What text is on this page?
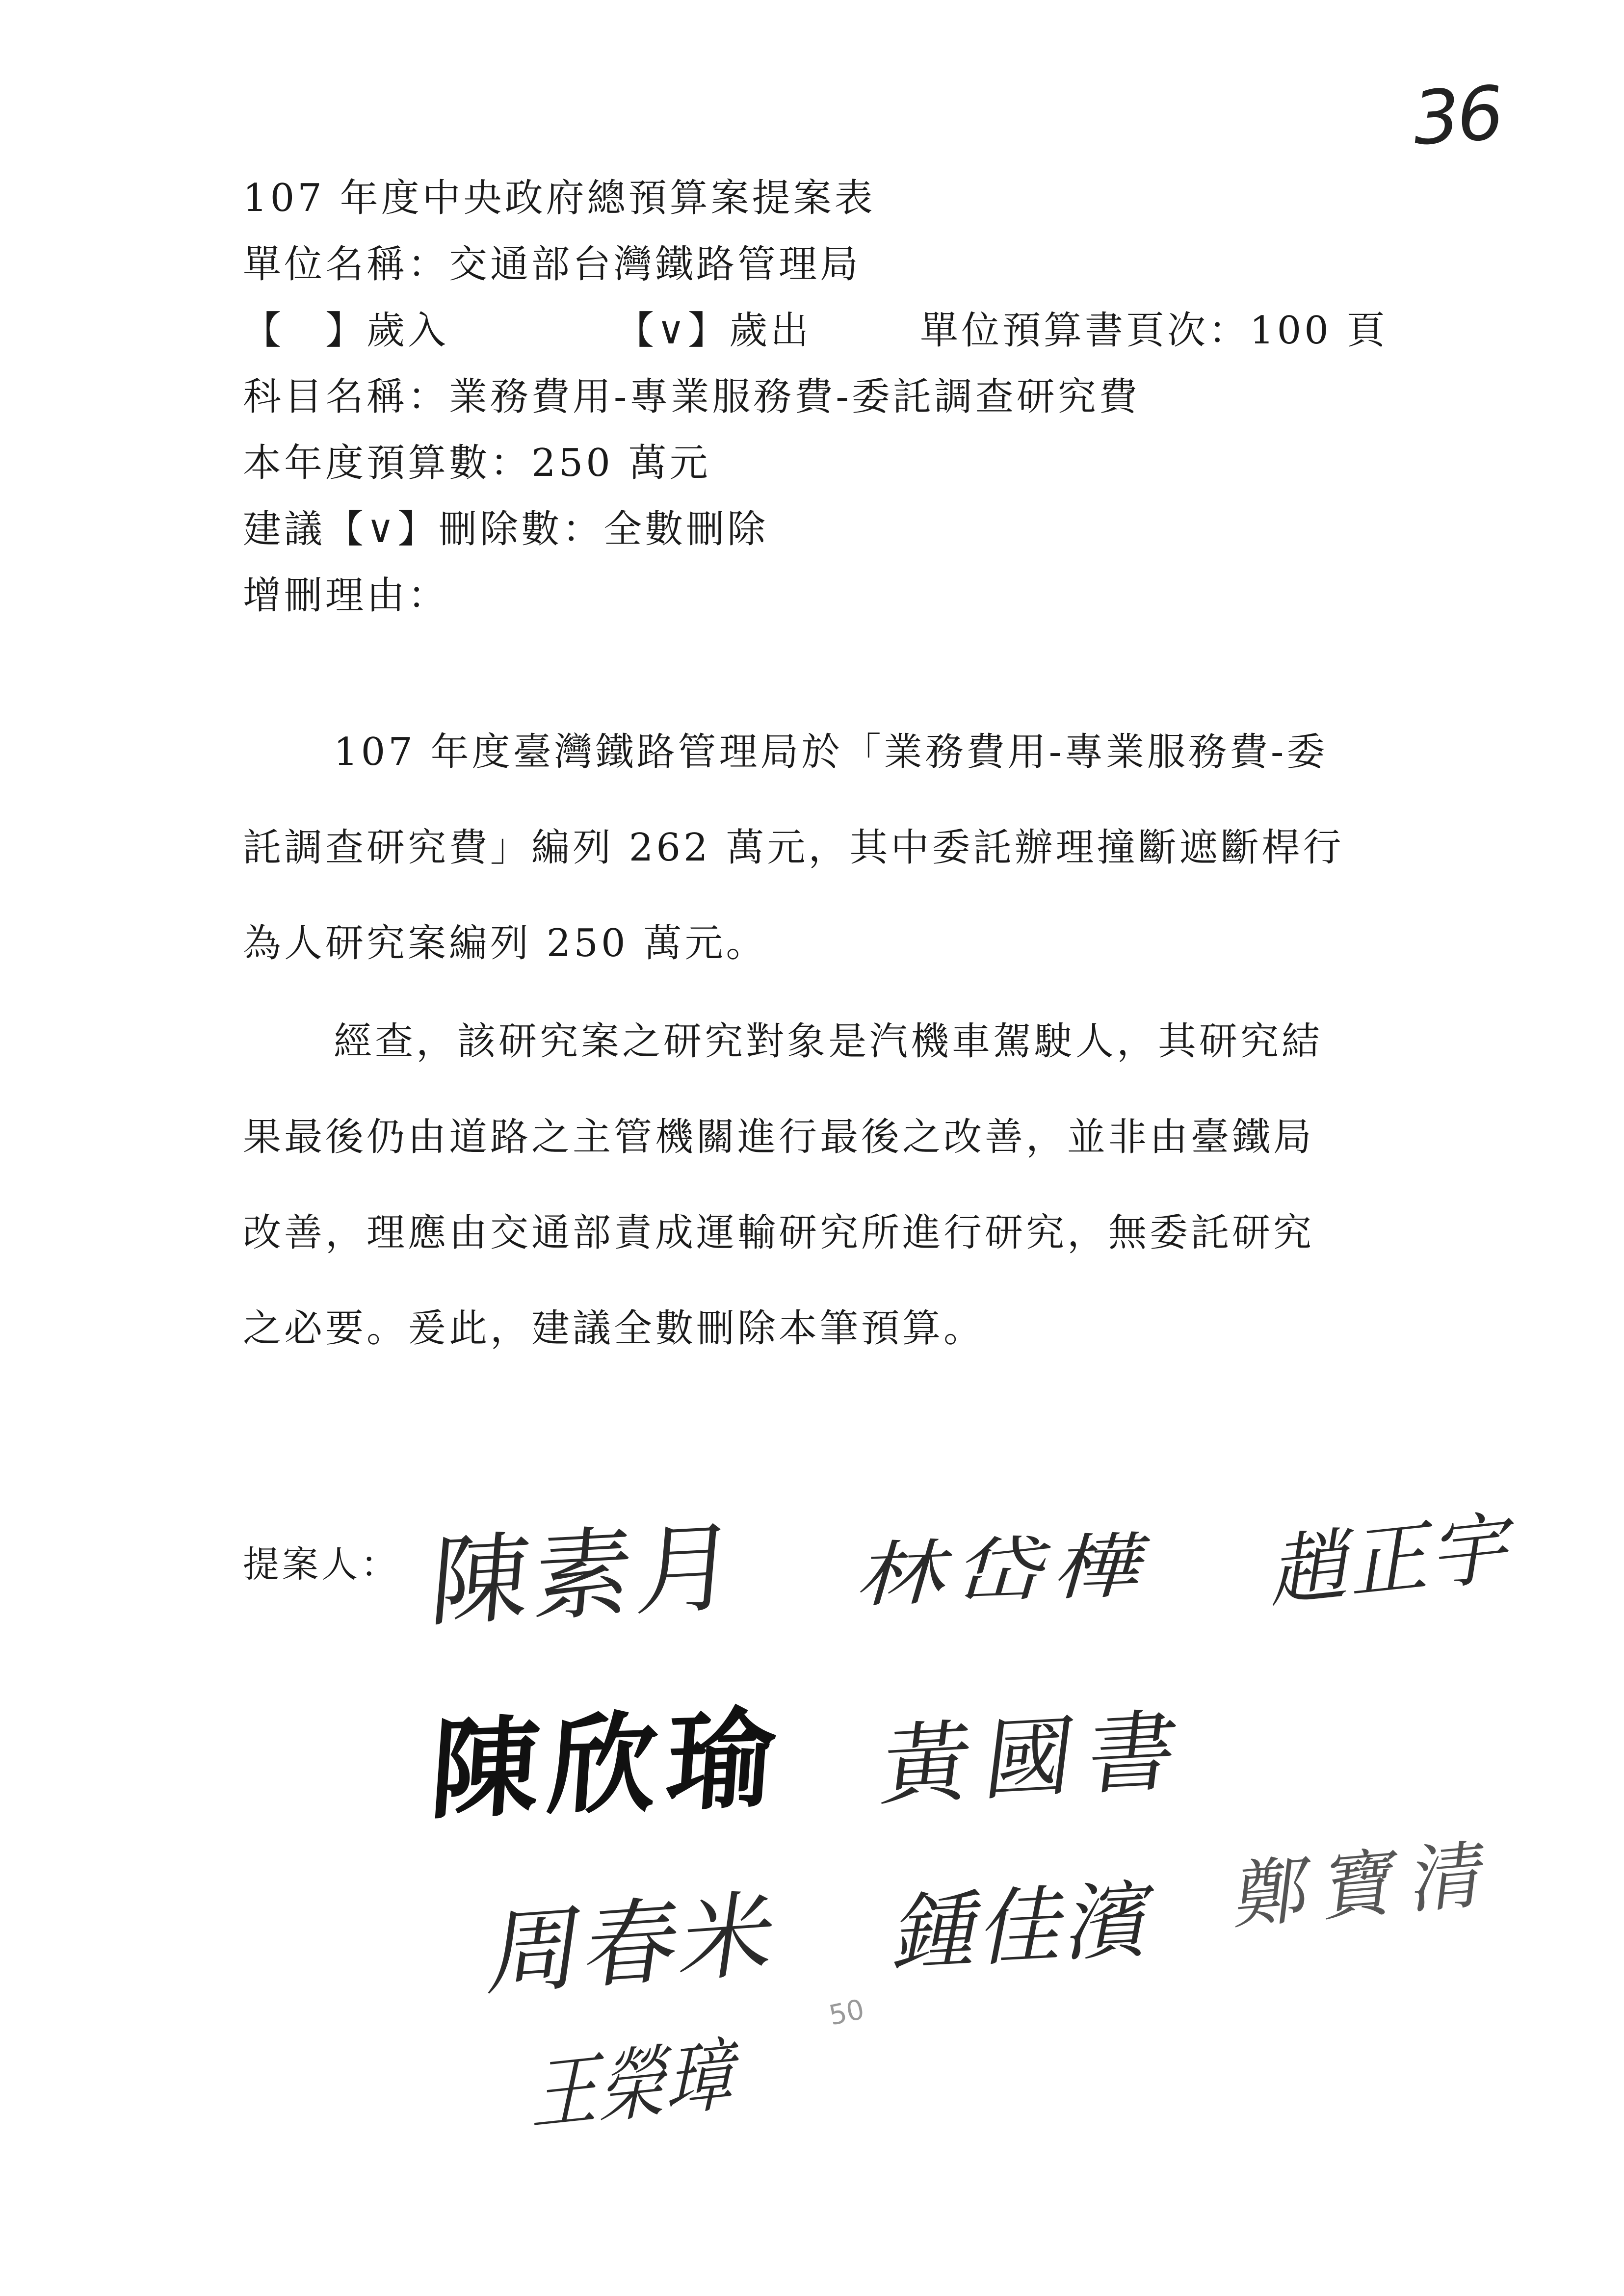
36
107 年度中央政府總預算案提案表
單位名稱：交通部台灣鐵路管理局
【　】歲入	【∨】歲出	單位預算書頁次：100 頁
科目名稱：業務費用-專業服務費-委託調查研究費
本年度預算數：250 萬元
建議【∨】刪除數：全數刪除
增刪理由：
107 年度臺灣鐵路管理局於「業務費用-專業服務費-委
託調查研究費」編列 262 萬元，其中委託辦理撞斷遮斷桿行
為人研究案編列 250 萬元。
經查，該研究案之研究對象是汽機車駕駛人，其研究結
果最後仍由道路之主管機關進行最後之改善，並非由臺鐵局
改善，理應由交通部責成運輸研究所進行研究，無委託研究
之必要。爰此，建議全數刪除本筆預算。
提案人： 陳素月 林岱樺 趙正宇
陳欣瑜 黃國書
鄭寶清
周春米 鍾佳濱
王榮璋
50
